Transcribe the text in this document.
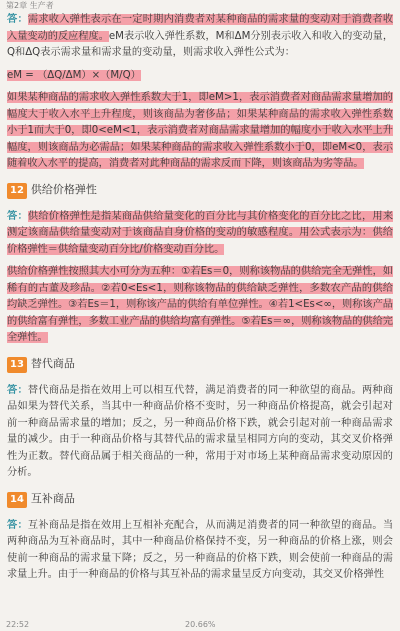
第2章 生产者

答：需求收入弹性表示在一定时期内消费者对某种商品的需求量的变动对于消费者收入量变动的反应程度。eM表示收入弹性系数，M和ΔM分别表示收入和收入的变动量，Q和ΔQ表示需求量和需求量的变动量，则需求收入弹性公式为：

eM = （ΔQ/ΔM）×（M/Q）

如果某种商品的需求收入弹性系数大于1，即eM>1，表示消费者对商品需求量增加的幅度大于收入水平上升程度，则该商品为奢侈品；如果某种商品的需求收入弹性系数小于1而大于0，即0<eM<1，表示消费者对商品需求量增加的幅度小于收入水平上升幅度，则该商品为必需品；如果某种商品的需求收入弹性系数小于0，即eM<0，表示随着收入水平的提高，消费者对此种商品的需求反而下降，则该商品为劣等品。

12 供给价格弹性

答：供给价格弹性是指某商品供给量变化的百分比与其价格变化的百分比之比，用来测定该商品供给量变动对于该商品自身价格的变动的敏感程度。用公式表示为：供给价格弹性＝供给量变动百分比/价格变动百分比。

供给价格弹性按照其大小可分为五种：①若Es＝0，则称该物品的供给完全无弹性，如稀有的古董及珍品。②若0<Es<1，则称该物品的供给缺乏弹性，多数农产品的供给均缺乏弹性。③若Es＝1，则称该产品的供给有单位弹性。④若1<Es<∞，则称该产品的供给富有弹性，多数工业产品的供给均富有弹性。⑤若Es＝∞，则称该物品的供给完全弹性。

13 替代商品

答：替代商品是指在效用上可以相互代替，满足消费者的同一种欲望的商品。两种商品如果为替代关系，当其中一种商品价格不变时，另一种商品价格提高，就会引起对前一种商品需求量的增加；反之，另一种商品价格下跌，就会引起对前一种商品需求量的减少。由于一种商品价格与其替代品的需求量呈相同方向的变动，其交叉价格弹性为正数。替代商品属于相关商品的一种，常用于对市场上某种商品需求变动原因的分析。

14 互补商品

答：互补商品是指在效用上互相补充配合，从而满足消费者的同一种欲望的商品。当两种商品为互补商品时，其中一种商品价格保持不变，另一种商品的价格上涨，则会使前一种商品的需求量下降；反之，另一种商品的价格下跌，则会使前一种商品的需求量上升。由于一种商品的价格与其互补品的需求量呈反方向变动，其交叉价格弹性

22:52	20.66%
